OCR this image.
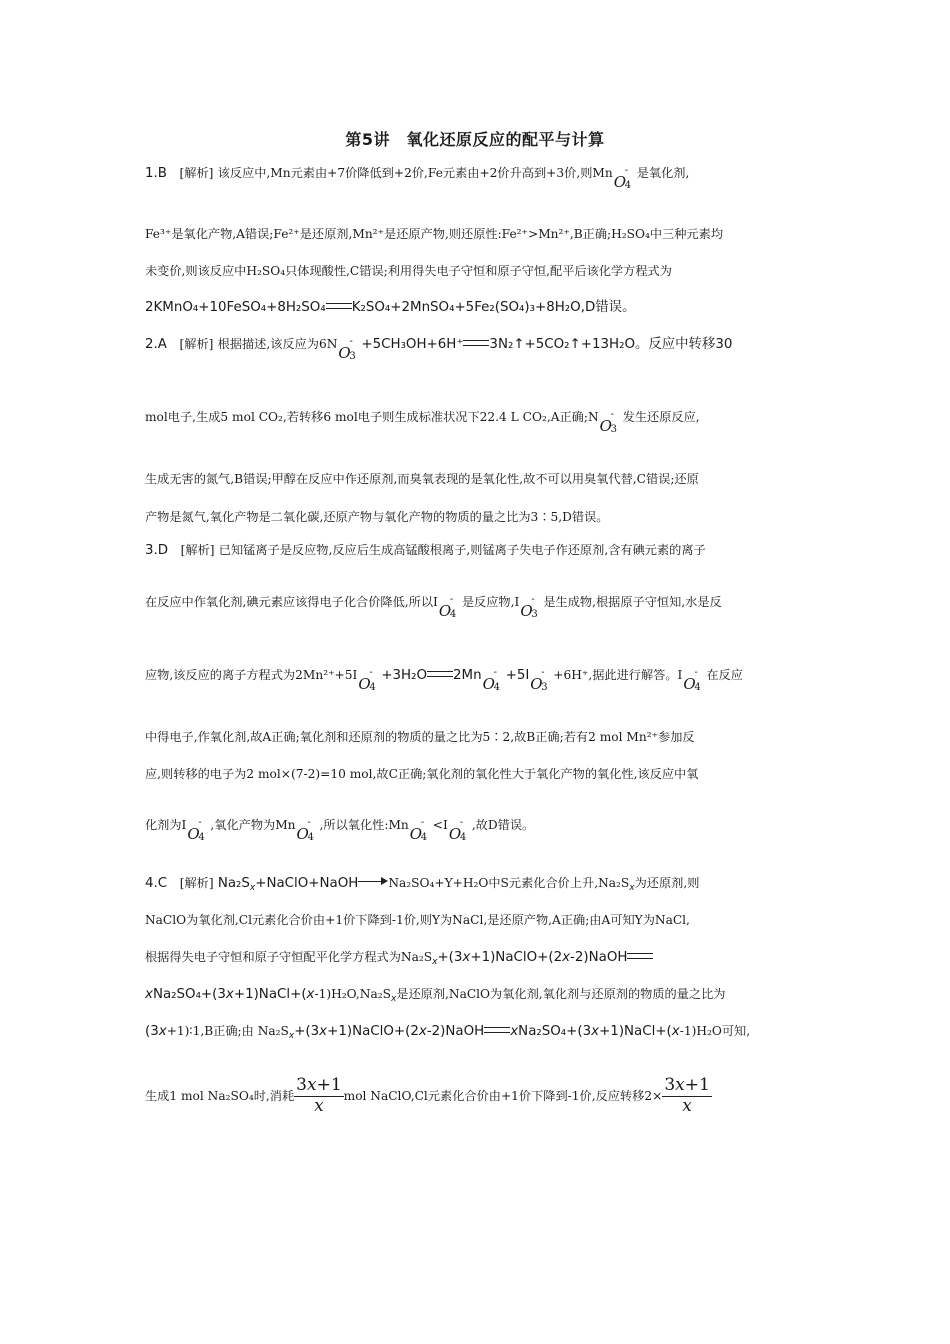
第5讲　氧化还原反应的配平与计算
1.B [解析] 该反应中,Mn元素由+7价降低到+2价,Fe元素由+2价升高到+3价,则MnO
-
4
是氧化剂,
Fe³⁺是氧化产物,A错误;Fe²⁺是还原剂,Mn²⁺是还原产物,则还原性:Fe²⁺>Mn²⁺,B正确;H₂SO₄中三种元素均
未变价,则该反应中H₂SO₄只体现酸性,C错误;利用得失电子守恒和原子守恒,配平后该化学方程式为
2KMnO₄+10FeSO₄+8H₂SO₄ K₂SO₄+2MnSO₄+5Fe₂(SO₄)₃+8H₂O,D错误。
2.A [解析] 根据描述,该反应为6NO
-
3
+5CH₃OH+6H⁺ 3N₂↑+5CO₂↑+13H₂O。反应中转移30
mol电子,生成5 mol CO₂,若转移6 mol电子则生成标准状况下22.4 L CO₂,A正确;NO
-
3
发生还原反应,
生成无害的氮气,B错误;甲醇在反应中作还原剂,而臭氧表现的是氧化性,故不可以用臭氧代替,C错误;还原
产物是氮气,氧化产物是二氧化碳,还原产物与氧化产物的物质的量之比为3∶5,D错误。
3.D [解析] 已知锰离子是反应物,反应后生成高锰酸根离子,则锰离子失电子作还原剂,含有碘元素的离子
在反应中作氧化剂,碘元素应该得电子化合价降低,所以IO
-
4
是反应物,IO
-
3
是生成物,根据原子守恒知,水是反
应物,该反应的离子方程式为2Mn²⁺+5IO
-
4
+3H₂O 2MnO
-
4
+5IO
-
3
+6H⁺,据此进行解答。IO
-
4
在反应
中得电子,作氧化剂,故A正确;氧化剂和还原剂的物质的量之比为5∶2,故B正确;若有2 mol Mn²⁺参加反
应,则转移的电子为2 mol×(7-2)=10 mol,故C正确;氧化剂的氧化性大于氧化产物的氧化性,该反应中氧
化剂为IO
-
4
,氧化产物为MnO
-
4
,所以氧化性:MnO
-
4
<IO
-
4
,故D错误。
4.C [解析] $Na_2S_x+NaClO+NaOH$ Na₂SO₄+Y+H₂O中S元素化合价上升$,Na_2S_x$为还原剂,则
NaClO为氧化剂,Cl元素化合价由+1价下降到-1价,则Y为NaCl,是还原产物,A正确;由A可知Y为NaCl,
根据得失电子守恒和原子守恒配平化学方程式为$Na_2S_x+(3x+1)NaClO+(2x-2)NaOH$
$xNa_2SO_4+(3x+1)NaCl+(x-1)H_2O,Na_2S_x$是还原剂,NaClO为氧化剂,氧化剂与还原剂的物质的量之比为
(3x+1)∶1,B正确;由 $Na_2S_x+(3x+1)NaClO+(2x-2)NaOH$ xNa₂SO₄+(3x+1)NaCl+(x-1)H₂O可知,
生成1 mol Na₂SO₄时,消耗 $\frac{3x+1}{x}$ mol NaClO,Cl元素化合价由+1价下降到-1价,反应转移$2\times \frac{3x+1}{x}$
